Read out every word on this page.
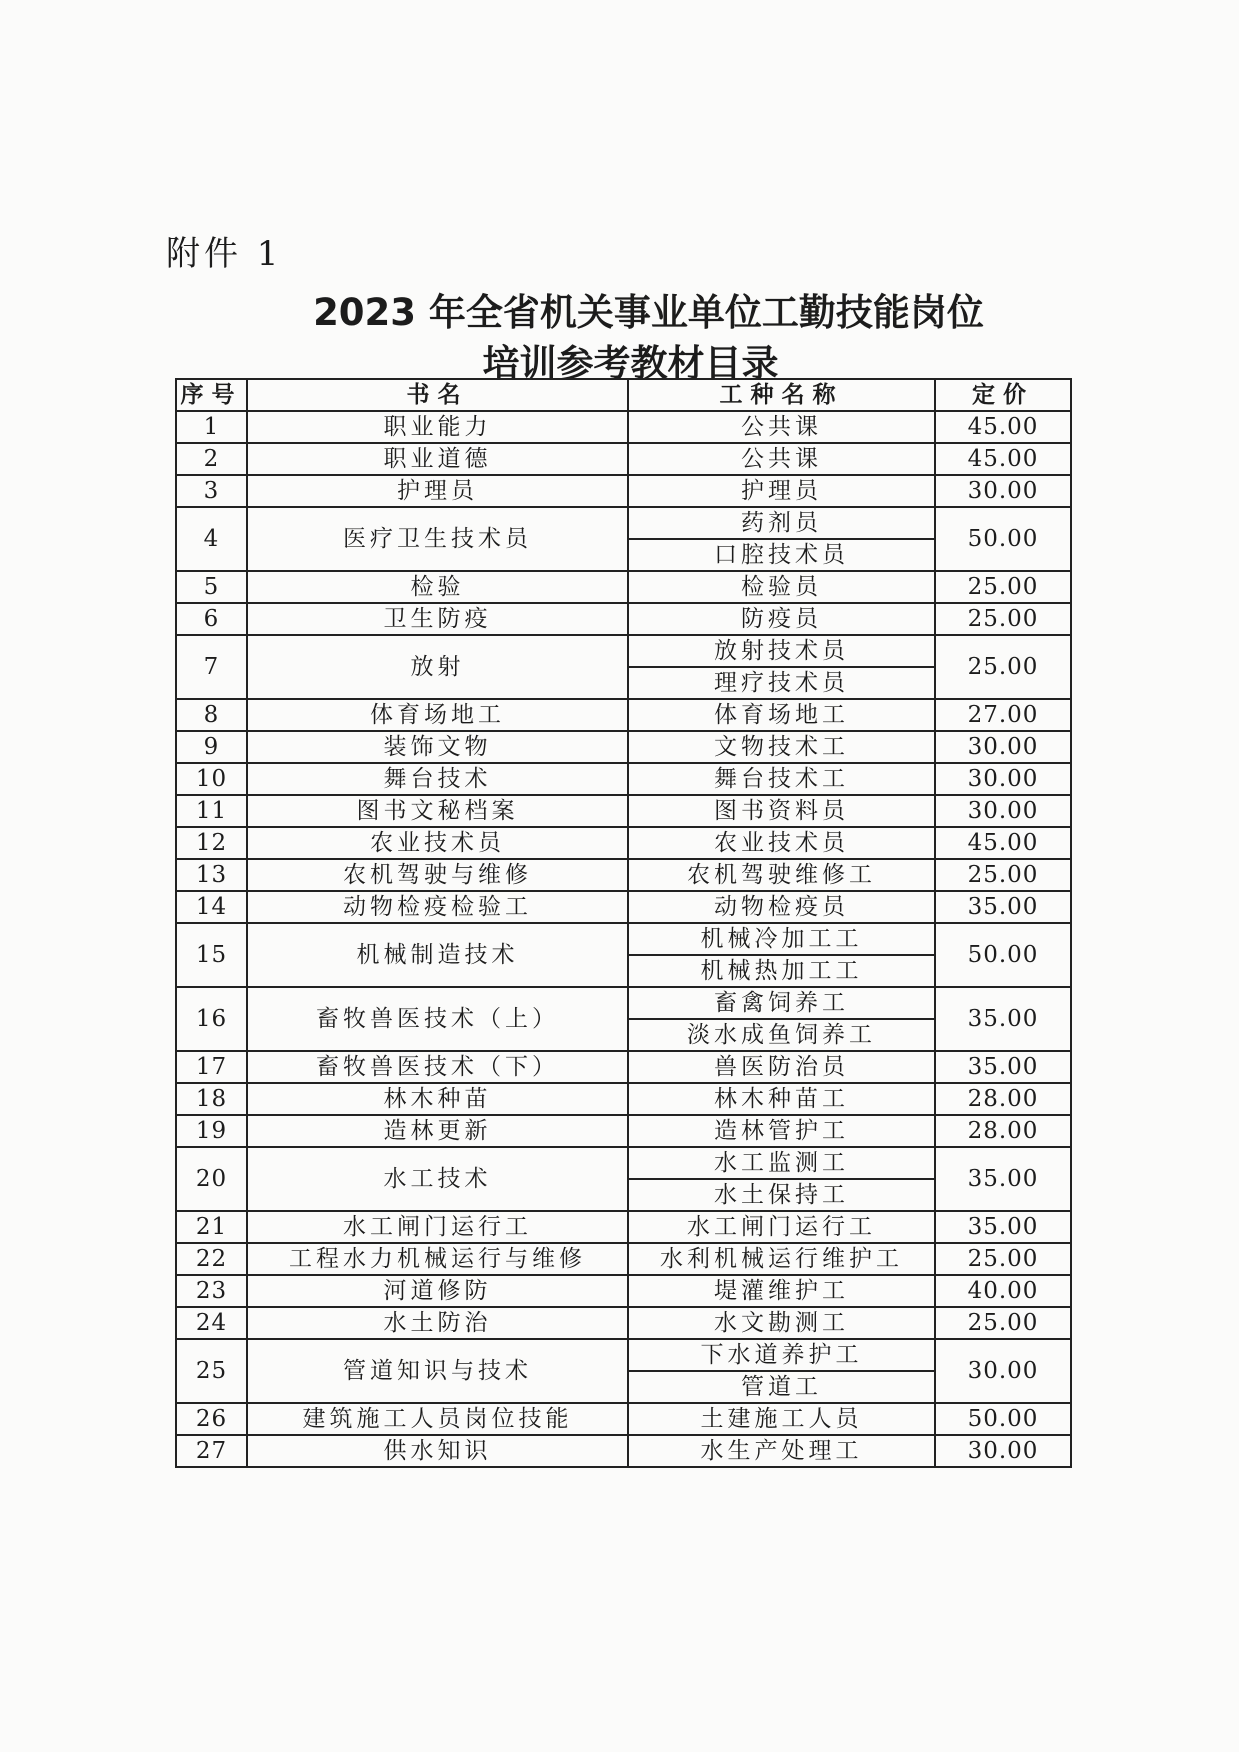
附件 1
2023 年全省机关事业单位工勤技能岗位
培训参考教材目录
序号	书名	工种名称	定价
1	职业能力	公共课	45.00
2	职业道德	公共课	45.00
3	护理员	护理员	30.00
4	医疗卫生技术员	药剂员	50.00
		口腔技术员	
5	检验	检验员	25.00
6	卫生防疫	防疫员	25.00
7	放射	放射技术员	25.00
		理疗技术员	
8	体育场地工	体育场地工	27.00
9	装饰文物	文物技术工	30.00
10	舞台技术	舞台技术工	30.00
11	图书文秘档案	图书资料员	30.00
12	农业技术员	农业技术员	45.00
13	农机驾驶与维修	农机驾驶维修工	25.00
14	动物检疫检验工	动物检疫员	35.00
15	机械制造技术	机械冷加工工	50.00
		机械热加工工	
16	畜牧兽医技术（上）	畜禽饲养工	35.00
		淡水成鱼饲养工	
17	畜牧兽医技术（下）	兽医防治员	35.00
18	林木种苗	林木种苗工	28.00
19	造林更新	造林管护工	28.00
20	水工技术	水工监测工	35.00
		水土保持工	
21	水工闸门运行工	水工闸门运行工	35.00
22	工程水力机械运行与维修	水利机械运行维护工	25.00
23	河道修防	堤灌维护工	40.00
24	水土防治	水文勘测工	25.00
25	管道知识与技术	下水道养护工	30.00
		管道工	
26	建筑施工人员岗位技能	土建施工人员	50.00
27	供水知识	水生产处理工	30.00
